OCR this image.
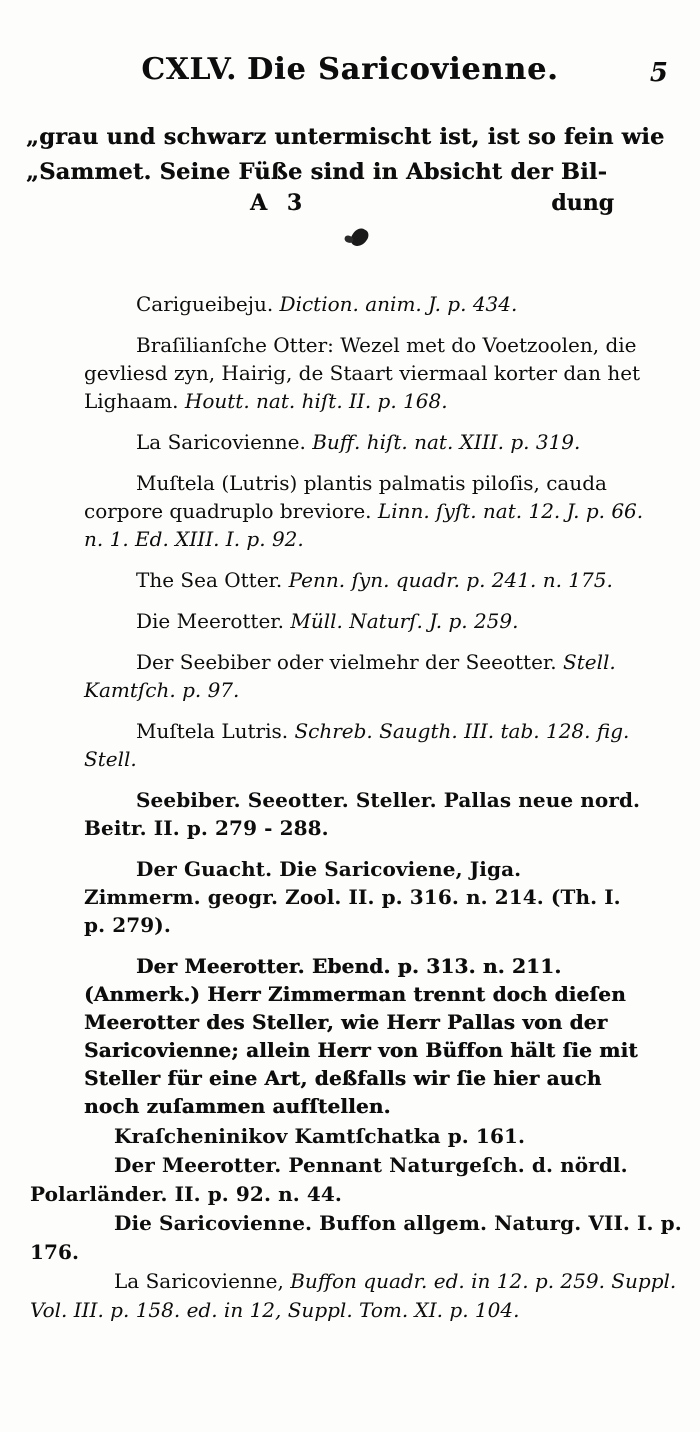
CXLV. Die Saricovienne.	5
„grau und schwarz untermischt ist, ist so fein wie
„Sammet. Seine Füße sind in Absicht der Bil-
A 3	dung

Carigueibeju. Diction. anim. J. p. 434.

Braſilianſche Otter: Wezel met do Voetzoolen, die gevliesd zyn, Hairig, de Staart viermaal korter dan het Lighaam. Houtt. nat. hiſt. II. p. 168.

La Saricovienne. Buff. hiſt. nat. XIII. p. 319.

Muſtela (Lutris) plantis palmatis piloſis, cauda corpore quadruplo breviore. Linn. ſyſt. nat. 12. J. p. 66. n. 1. Ed. XIII. I. p. 92.

The Sea Otter. Penn. ſyn. quadr. p. 241. n. 175.

Die Meerotter. Müll. Naturſ. J. p. 259.

Der Seebiber oder vielmehr der Seeotter. Stell. Kamtſch. p. 97.

Muſtela Lutris. Schreb. Saugth. III. tab. 128. fig. Stell.

Seebiber. Seeotter. Steller. Pallas neue nord. Beitr. II. p. 279 - 288.

Der Guacht. Die Saricoviene, Jiga. Zimmerm. geogr. Zool. II. p. 316. n. 214. (Th. I. p. 279).

Der Meerotter. Ebend. p. 313. n. 211. (Anmerk.) Herr Zimmerman trennt doch dieſen Meerotter des Steller, wie Herr Pallas von der Saricovienne; allein Herr von Büffon hält ſie mit Steller für eine Art, deßfalls wir ſie hier auch noch zuſammen aufſtellen.

Kraſcheninikov Kamtſchatka p. 161.

Der Meerotter. Pennant Naturgeſch. d. nördl. Polarländer. II. p. 92. n. 44.

Die Saricovienne. Buffon allgem. Naturg. VII. I. p. 176.

La Saricovienne, Buffon quadr. ed. in 12. p. 259. Suppl. Vol. III. p. 158. ed. in 12, Suppl. Tom. XI. p. 104.
